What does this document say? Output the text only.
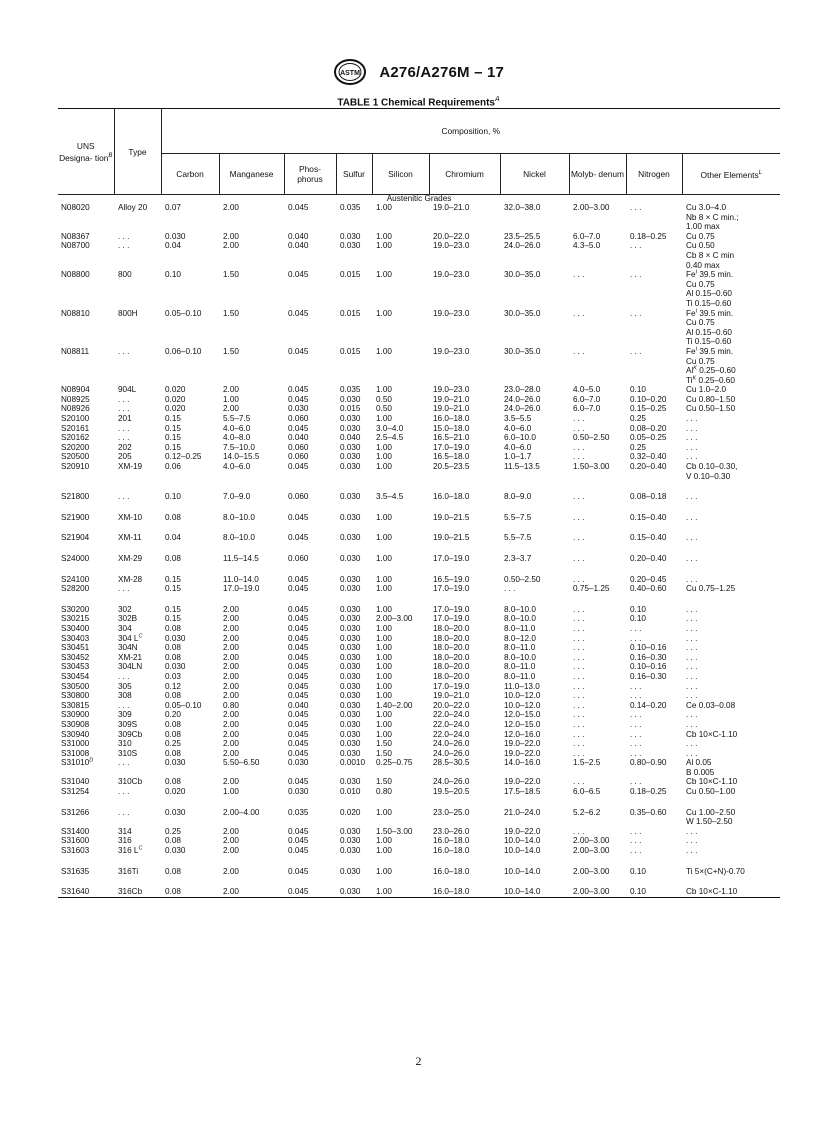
ASTM A276/A276M – 17
TABLE 1 Chemical Requirements$^A$
UNS Designa- tion$^B$	Type	Composition, %									
		Carbon	Manganese	Phos- phorus	Sulfur	Silicon	Chromium	Nickel	Molyb- denum	Nitrogen	Other Elements$^L$
Austenitic Grades											
N08020	Alloy 20	0.07	2.00	0.045	0.035	1.00	19.0–21.0	32.0–38.0	2.00–3.00	. . .	Cu 3.0–4.0
Nb 8 × C min.;
1.00 max

N08367	. . .	0.030	2.00	0.040	0.030	1.00	20.0–22.0	23.5–25.5	6.0–7.0	0.18–0.25	Cu 0.75

N08700	. . .	0.04	2.00	0.040	0.030	1.00	19.0–23.0	24.0–26.0	4.3–5.0	. . .	Cu 0.50
Cb 8 × C min
0.40 max

N08800	800	0.10	1.50	0.045	0.015	1.00	19.0–23.0	30.0–35.0	. . .	. . .	$Fe^I$ 39.5 min.
Cu 0.75
Al 0.15–0.60
Ti 0.15–0.60

N08810	800H	0.05–0.10	1.50	0.045	0.015	1.00	19.0–23.0	30.0–35.0	. . .	. . .	$Fe^I$ 39.5 min.
Cu 0.75
Al 0.15–0.60
Ti 0.15–0.60

N08811	. . .	0.06–0.10	1.50	0.045	0.015	1.00	19.0–23.0	30.0–35.0	. . .	. . .	$Fe^I$ 39.5 min.
Cu 0.75
$Al^K$ 0.25–0.60
$Ti^K$ 0.25–0.60

N08904	904L	0.020	2.00	0.045	0.035	1.00	19.0–23.0	23.0–28.0	4.0–5.0	0.10	Cu 1.0–2.0

N08925	. . .	0.020	1.00	0.045	0.030	0.50	19.0–21.0	24.0–26.0	6.0–7.0	0.10–0.20	Cu 0.80–1.50

N08926	. . .	0.020	2.00	0.030	0.015	0.50	19.0–21.0	24.0–26.0	6.0–7.0	0.15–0.25	Cu 0.50–1.50

S20100	201	0.15	5.5–7.5	0.060	0.030	1.00	16.0–18.0	3.5–5.5	. . .	0.25	. . .

S20161	. . .	0.15	4.0–6.0	0.045	0.030	3.0–4.0	15.0–18.0	4.0–6.0	. . .	0.08–0.20	. . .

S20162	. . .	0.15	4.0–8.0	0.040	0.040	2.5–4.5	16.5–21.0	6.0–10.0	0.50–2.50	0.05–0.25	. . .

S20200	202	0.15	7.5–10.0	0.060	0.030	1.00	17.0–19.0	4.0–6.0	. . .	0.25	. . .

S20500	205	0.12–0.25	14.0–15.5	0.060	0.030	1.00	16.5–18.0	1.0–1.7	. . .	0.32–0.40	. . .

S20910	XM-19	0.06	4.0–6.0	0.045	0.030	1.00	20.5–23.5	11.5–13.5	1.50–3.00	0.20–0.40	Cb 0.10–0.30,
V 0.10–0.30

S21800	. . .	0.10	7.0–9.0	0.060	0.030	3.5–4.5	16.0–18.0	8.0–9.0	. . .	0.08–0.18	. . .

S21900	XM-10	0.08	8.0–10.0	0.045	0.030	1.00	19.0–21.5	5.5–7.5	. . .	0.15–0.40	. . .

S21904	XM-11	0.04	8.0–10.0	0.045	0.030	1.00	19.0–21.5	5.5–7.5	. . .	0.15–0.40	. . .

S24000	XM-29	0.08	11.5–14.5	0.060	0.030	1.00	17.0–19.0	2.3–3.7	. . .	0.20–0.40	. . .

S24100	XM-28	0.15	11.0–14.0	0.045	0.030	1.00	16.5–19.0	0.50–2.50	. . .	0.20–0.45	. . .

S28200	. . .	0.15	17.0–19.0	0.045	0.030	1.00	17.0–19.0	. . .	0.75–1.25	0.40–0.60	Cu 0.75–1.25

S30200	302	0.15	2.00	0.045	0.030	1.00	17.0–19.0	8.0–10.0	. . .	0.10	. . .

S30215	302B	0.15	2.00	0.045	0.030	2.00–3.00	17.0–19.0	8.0–10.0	. . .	0.10	. . .

S30400	304	0.08	2.00	0.045	0.030	1.00	18.0–20.0	8.0–11.0	. . .	. . .	. . .

S30403	304 $L^C$	0.030	2.00	0.045	0.030	1.00	18.0–20.0	8.0–12.0	. . .	. . .	. . .

S30451	304N	0.08	2.00	0.045	0.030	1.00	18.0–20.0	8.0–11.0	. . .	0.10–0.16	. . .

S30452	XM-21	0.08	2.00	0.045	0.030	1.00	18.0–20.0	8.0–10.0	. . .	0.16–0.30	. . .

S30453	304LN	0.030	2.00	0.045	0.030	1.00	18.0–20.0	8.0–11.0	. . .	0.10–0.16	. . .

S30454	. . .	0.03	2.00	0.045	0.030	1.00	18.0–20.0	8.0–11.0	. . .	0.16–0.30	. . .

S30500	305	0.12	2.00	0.045	0.030	1.00	17.0–19.0	11.0–13.0	. . .	. . .	. . .

S30800	308	0.08	2.00	0.045	0.030	1.00	19.0–21.0	10.0–12.0	. . .	. . .	. . .

S30815	. . .	0.05–0.10	0.80	0.040	0.030	1.40–2.00	20.0–22.0	10.0–12.0	. . .	0.14–0.20	Ce 0.03–0.08

S30900	309	0.20	2.00	0.045	0.030	1.00	22.0–24.0	12.0–15.0	. . .	. . .	. . .

S30908	309S	0.08	2.00	0.045	0.030	1.00	22.0–24.0	12.0–15.0	. . .	. . .	. . .

S30940	309Cb	0.08	2.00	0.045	0.030	1.00	22.0–24.0	12.0–16.0	. . .	. . .	Cb 10×C-1.10

S31000	310	0.25	2.00	0.045	0.030	1.50	24.0–26.0	19.0–22.0	. . .	. . .	. . .

S31008	310S	0.08	2.00	0.045	0.030	1.50	24.0–26.0	19.0–22.0	. . .	. . .	. . .

$S31010^D$	. . .	0.030	5.50–6.50	0.030	0.0010	0.25–0.75	28.5–30.5	14.0–16.0	1.5–2.5	0.80–0.90	Al 0.05
B 0.005

S31040	310Cb	0.08	2.00	0.045	0.030	1.50	24.0–26.0	19.0–22.0	. . .	. . .	Cb 10×C-1.10

S31254	. . .	0.020	1.00	0.030	0.010	0.80	19.5–20.5	17.5–18.5	6.0–6.5	0.18–0.25	Cu 0.50–1.00

S31266	. . .	0.030	2.00–4.00	0.035	0.020	1.00	23.0–25.0	21.0–24.0	5.2–6.2	0.35–0.60	Cu 1.00–2.50
W 1.50–2.50

S31400	314	0.25	2.00	0.045	0.030	1.50–3.00	23.0–26.0	19.0–22.0	. . .	. . .	. . .

S31600	316	0.08	2.00	0.045	0.030	1.00	16.0–18.0	10.0–14.0	2.00–3.00	. . .	. . .

S31603	316 $L^C$	0.030	2.00	0.045	0.030	1.00	16.0–18.0	10.0–14.0	2.00–3.00	. . .	. . .

S31635	316Ti	0.08	2.00	0.045	0.030	1.00	16.0–18.0	10.0–14.0	2.00–3.00	0.10	Ti 5×(C+N)-0.70

S31640	316Cb	0.08	2.00	0.045	0.030	1.00	16.0–18.0	10.0–14.0	2.00–3.00	0.10	Cb 10×C-1.10

2
